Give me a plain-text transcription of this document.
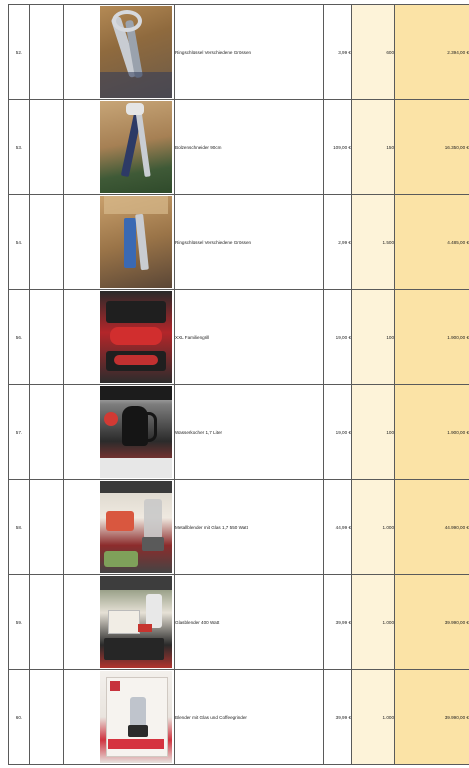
52.			Ringschlüssel Verschiedene Grössen	3,99 €	600	2.394,00 €
53.			Bolzenschneider 90cm	109,00 €	150	16.350,00 €
54.			Ringschlüssel Verschiedene Grössen	2,99 €	1.500	4.485,00 €
56.			XXL Familiengrill	19,00 €	100	1.900,00 €
57.			Wasserkocher 1,7 Liter	19,00 €	100	1.900,00 €
58.			Metallblender mit Glas 1,7 550 Watt	44,99 €	1.000	44.990,00 €
59.			Glasblender 400 Watt	39,99 €	1.000	39.990,00 €
60.			Blender mit Glas und Coffeegrinder	39,99 €	1.000	39.990,00 €
